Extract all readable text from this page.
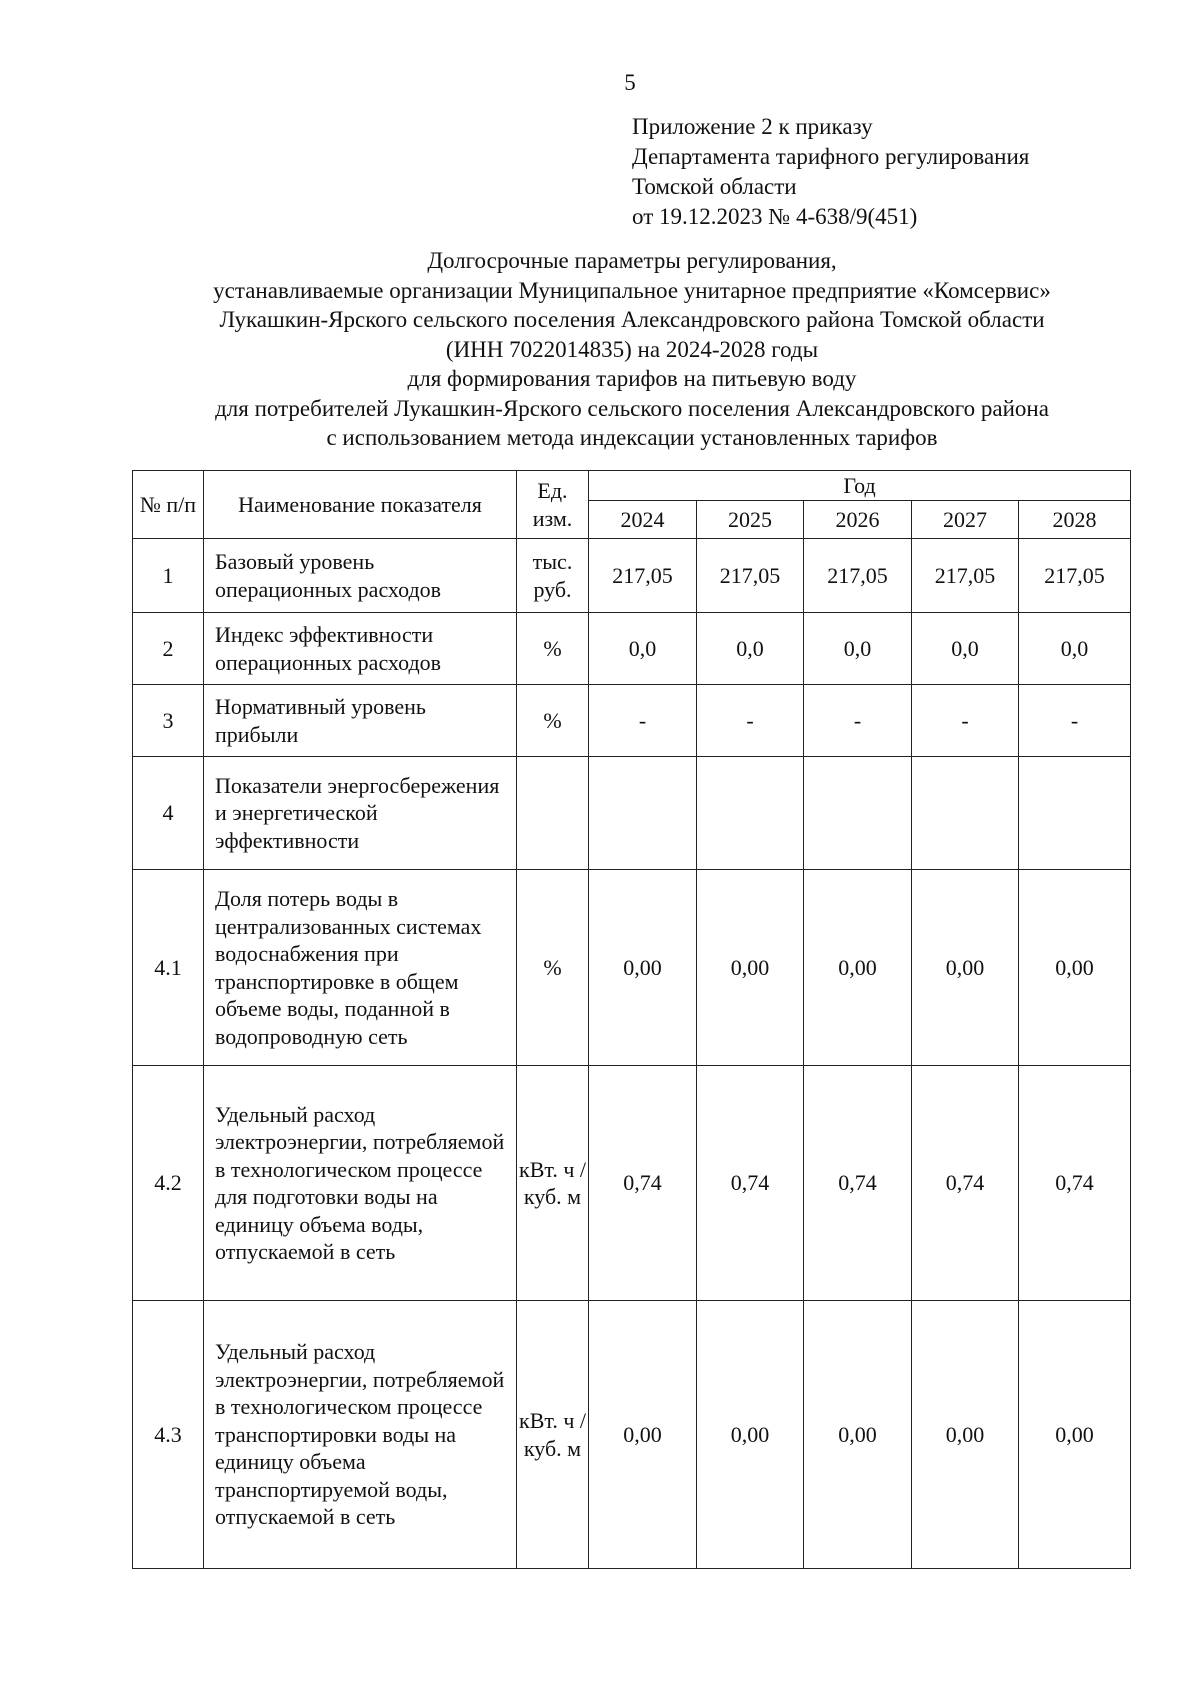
5
Приложение 2 к приказу
Департамента тарифного регулирования
Томской области
от 19.12.2023 № 4-638/9(451)
Долгосрочные параметры регулирования,
устанавливаемые организации Муниципальное унитарное предприятие «Комсервис»
Лукашкин-Ярского сельского поселения Александровского района Томской области
(ИНН 7022014835) на 2024-2028 годы
для формирования тарифов на питьевую воду
для потребителей Лукашкин-Ярского сельского поселения Александровского района
с использованием метода индексации установленных тарифов
№ п/п	Наименование показателя	Ед. изм.	Год				
			2024	2025	2026	2027	2028
1	Базовый уровень операционных расходов	тыс. руб.	217,05	217,05	217,05	217,05	217,05
2	Индекс эффективности операционных расходов	%	0,0	0,0	0,0	0,0	0,0
3	Нормативный уровень прибыли	%	-	-	-	-	-
4	Показатели энергосбережения и энергетической эффективности						
4.1	Доля потерь воды в централизованных системах водоснабжения при транспортировке в общем объеме воды, поданной в водопроводную сеть	%	0,00	0,00	0,00	0,00	0,00
4.2	Удельный расход электроэнергии, потребляемой в технологическом процессе для подготовки воды на единицу объема воды, отпускаемой в сеть	кВт. ч / куб. м	0,74	0,74	0,74	0,74	0,74
4.3	Удельный расход электроэнергии, потребляемой в технологическом процессе транспортировки воды на единицу объема транспортируемой воды, отпускаемой в сеть	кВт. ч / куб. м	0,00	0,00	0,00	0,00	0,00
